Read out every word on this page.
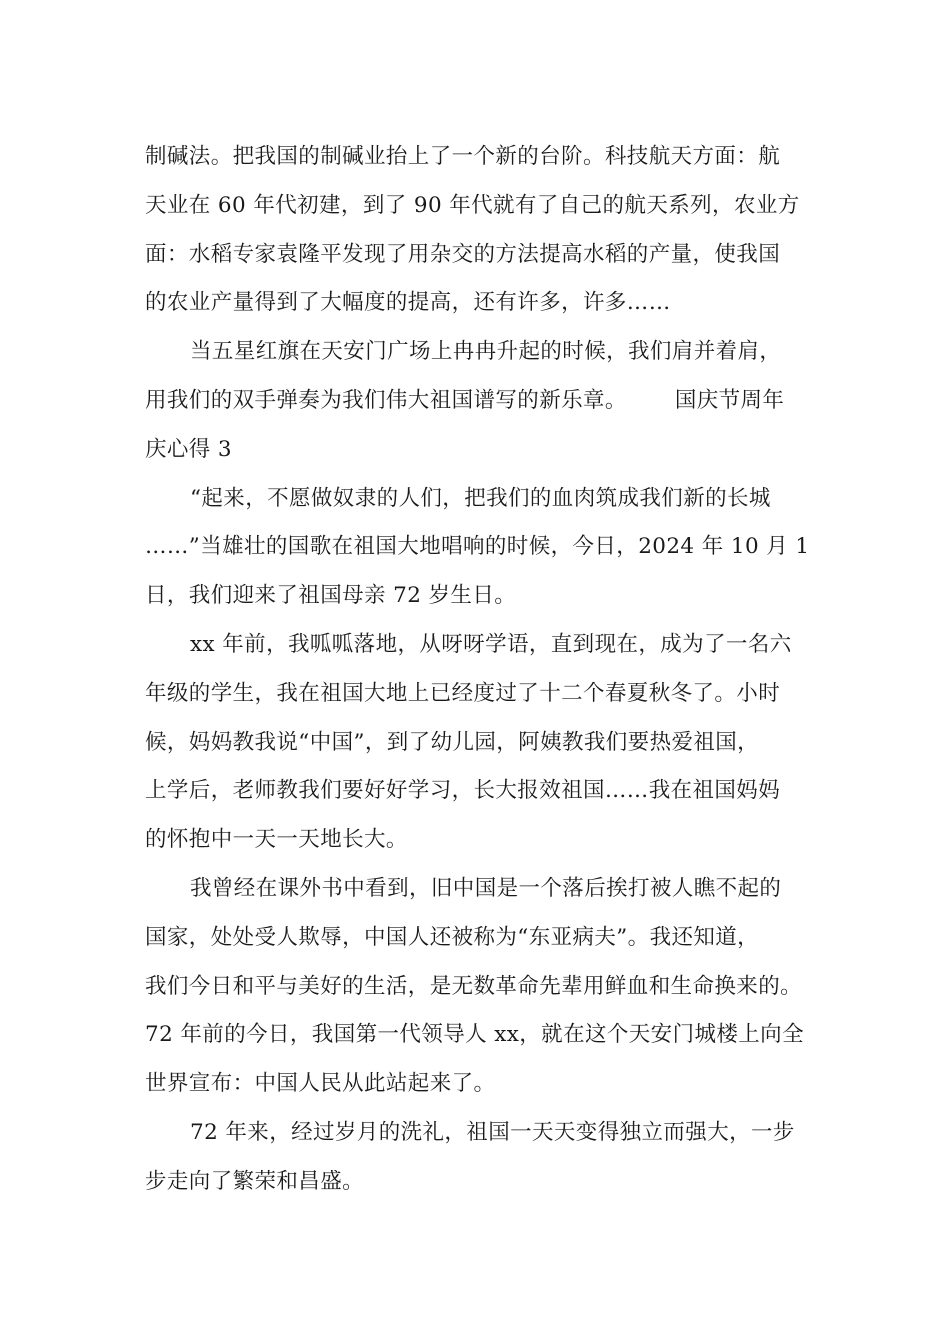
制碱法。把我国的制碱业抬上了一个新的台阶。科技航天方面：航
天业在 60 年代初建，到了 90 年代就有了自己的航天系列，农业方
面：水稻专家袁隆平发现了用杂交的方法提高水稻的产量，使我国
的农业产量得到了大幅度的提高，还有许多，许多……
当五星红旗在天安门广场上冉冉升起的时候，我们肩并着肩，
用我们的双手弹奏为我们伟大祖国谱写的新乐章。 国庆节周年
庆心得 3
“起来，不愿做奴隶的人们，把我们的血肉筑成我们新的长城
……”当雄壮的国歌在祖国大地唱响的时候，今日，2024 年 10 月 1
日，我们迎来了祖国母亲 72 岁生日。
xx 年前，我呱呱落地，从呀呀学语，直到现在，成为了一名六
年级的学生，我在祖国大地上已经度过了十二个春夏秋冬了。小时
候，妈妈教我说“中国”，到了幼儿园，阿姨教我们要热爱祖国，
上学后，老师教我们要好好学习，长大报效祖国……我在祖国妈妈
的怀抱中一天一天地长大。
我曾经在课外书中看到，旧中国是一个落后挨打被人瞧不起的
国家，处处受人欺辱，中国人还被称为“东亚病夫”。我还知道，
我们今日和平与美好的生活，是无数革命先辈用鲜血和生命换来的。
72 年前的今日，我国第一代领导人 xx，就在这个天安门城楼上向全
世界宣布：中国人民从此站起来了。
72 年来，经过岁月的洗礼，祖国一天天变得独立而强大，一步
步走向了繁荣和昌盛。
